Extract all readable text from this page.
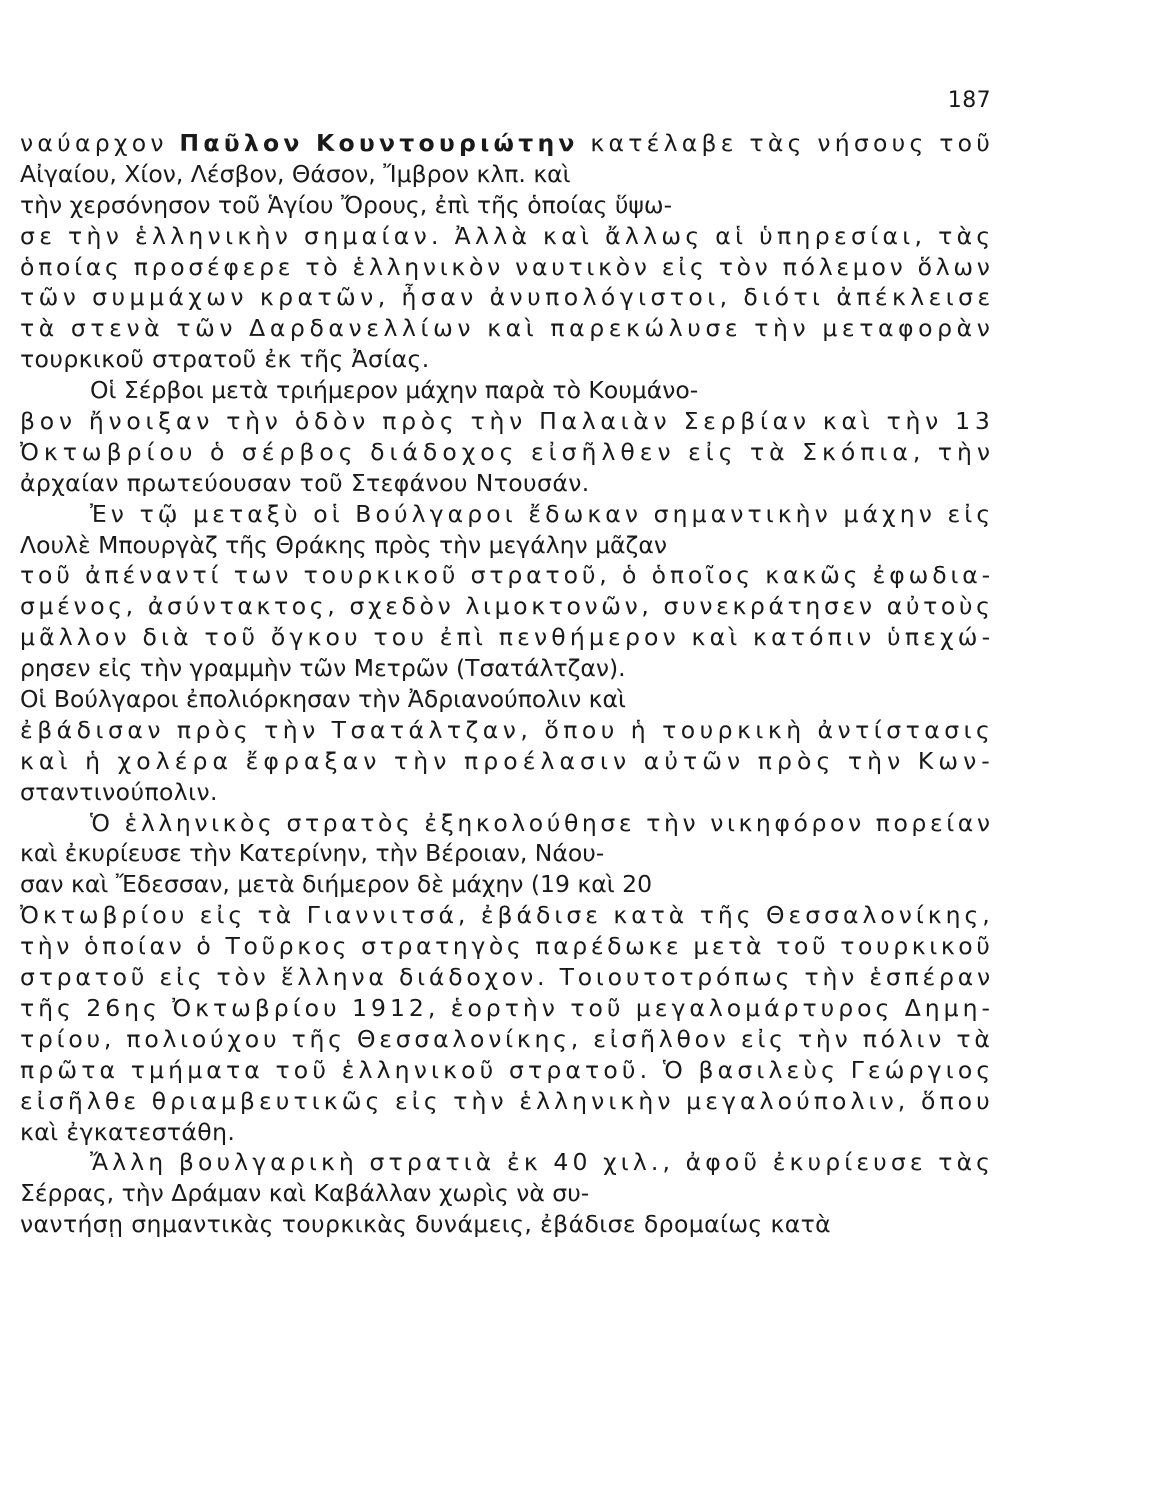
187
ναύαρχον Παῦλον Κουντουριώτην κατέλαβε τὰς νήσους τοῦ
Αἰγαίου, Χίον, Λέσβον, Θάσον, Ἴμβρον κλπ. καὶ
τὴν χερσόνησον τοῦ Ἁγίου Ὄρους, ἐπὶ τῆς ὁποίας ὕψω-
σε τὴν ἑλληνικὴν σημαίαν. Ἀλλὰ καὶ ἄλλως αἱ ὑπηρεσίαι, τὰς
ὁποίας προσέφερε τὸ ἑλληνικὸν ναυτικὸν εἰς τὸν πόλεμον ὅλων
τῶν συμμάχων κρατῶν, ἦσαν ἀνυπολόγιστοι, διότι ἀπέκλεισε
τὰ στενὰ τῶν Δαρδανελλίων καὶ παρεκώλυσε τὴν μεταφορὰν
τουρκικοῦ στρατοῦ ἐκ τῆς Ἀσίας.
Οἱ Σέρβοι μετὰ τριήμερον μάχην παρὰ τὸ Κουμάνο-
βον ἤνοιξαν τὴν ὁδὸν πρὸς τὴν Παλαιὰν Σερβίαν καὶ τὴν 13
Ὀκτωβρίου ὁ σέρβος διάδοχος εἰσῆλθεν εἰς τὰ Σκόπια, τὴν
ἀρχαίαν πρωτεύουσαν τοῦ Στεφάνου Ντουσάν.
Ἐν τῷ μεταξὺ οἱ Βούλγαροι ἔδωκαν σημαντικὴν μάχην εἰς
Λουλὲ Μπουργὰζ τῆς Θράκης πρὸς τὴν μεγάλην μᾶζαν
τοῦ ἀπέναντί των τουρκικοῦ στρατοῦ, ὁ ὁποῖος κακῶς ἐφωδια-
σμένος, ἀσύντακτος, σχεδὸν λιμοκτονῶν, συνεκράτησεν αὐτοὺς
μᾶλλον διὰ τοῦ ὄγκου του ἐπὶ πενθήμερον καὶ κατόπιν ὑπεχώ-
ρησεν εἰς τὴν γραμμὴν τῶν Μετρῶν (Τσατάλτζαν).
Οἱ Βούλγαροι ἐπολιόρκησαν τὴν Ἀδριανούπολιν καὶ
ἐβάδισαν πρὸς τὴν Τσατάλτζαν, ὅπου ἡ τουρκικὴ ἀντίστασις
καὶ ἡ χολέρα ἔφραξαν τὴν προέλασιν αὐτῶν πρὸς τὴν Κων-
σταντινούπολιν.
Ὁ ἑλληνικὸς στρατὸς ἐξηκολούθησε τὴν νικηφόρον πορείαν
καὶ ἐκυρίευσε τὴν Κατερίνην, τὴν Βέροιαν, Νάου-
σαν καὶ Ἔδεσσαν, μετὰ διήμερον δὲ μάχην (19 καὶ 20
Ὀκτωβρίου εἰς τὰ Γιαννιτσά, ἐβάδισε κατὰ τῆς Θεσσαλονίκης,
τὴν ὁποίαν ὁ Τοῦρκος στρατηγὸς παρέδωκε μετὰ τοῦ τουρκικοῦ
στρατοῦ εἰς τὸν ἕλληνα διάδοχον. Τοιουτοτρόπως τὴν ἑσπέραν
τῆς 26ης Ὀκτωβρίου 1912, ἑορτὴν τοῦ μεγαλομάρτυρος Δημη-
τρίου, πολιούχου τῆς Θεσσαλονίκης, εἰσῆλθον εἰς τὴν πόλιν τὰ
πρῶτα τμήματα τοῦ ἑλληνικοῦ στρατοῦ. Ὁ βασιλεὺς Γεώργιος
εἰσῆλθε θριαμβευτικῶς εἰς τὴν ἑλληνικὴν μεγαλούπολιν, ὅπου
καὶ ἐγκατεστάθη.
Ἄλλη βουλγαρικὴ στρατιὰ ἐκ 40 χιλ., ἀφοῦ ἐκυρίευσε τὰς
Σέρρας, τὴν Δράμαν καὶ Καβάλλαν χωρὶς νὰ συ-
ναντήσῃ σημαντικὰς τουρκικὰς δυνάμεις, ἐβάδισε δρομαίως κατὰ
